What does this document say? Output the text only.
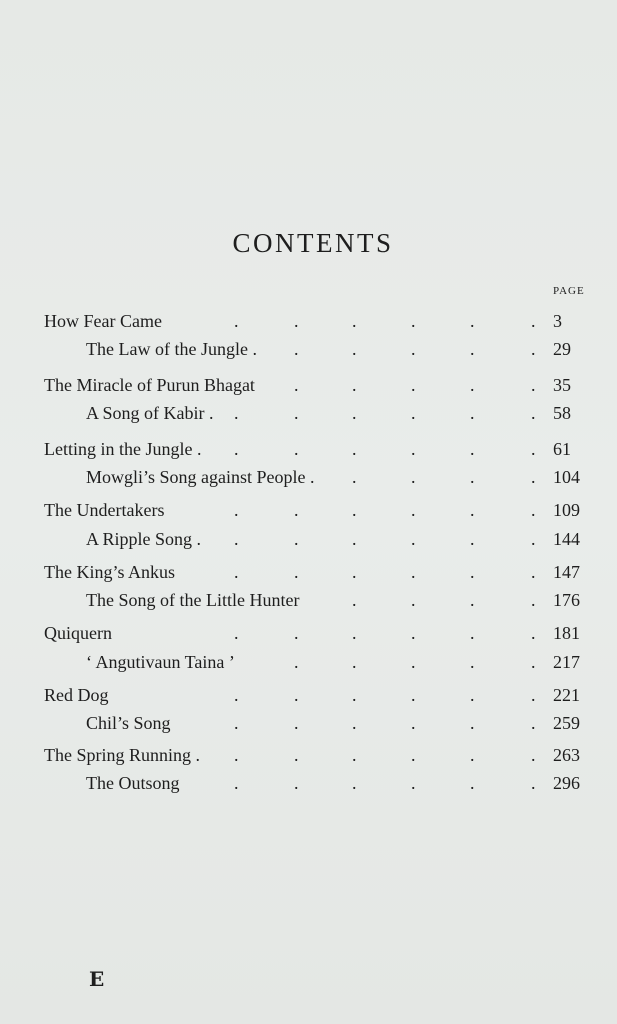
CONTENTS
PAGE
How Fear Came	.	.	.	.	.	. 3
The Law of the Jungle . .	.	.	.	. 29
The Miracle of Purun Bhagat .	.	.	.	. 35
A Song of Kabir . .	.	.	.	.	. 58
Letting in the Jungle . .	.	.	.	.	. 61
Mowgli’s Song against People . .	.	.	. 104
The Undertakers	.	.	.	.	.	. 109
A Ripple Song . .	.	.	.	.	. 144
The King’s Ankus	.	.	.	.	.	. 147
The Song of the Little Hunter	.	.	.	. 176
Quiquern	.	.	.	.	.	. 181
‘ Angutivaun Taina ’	.	.	.	.	. 217
Red Dog	.	.	.	.	.	. 221
Chil’s Song	.	.	.	.	.	. 259
The Spring Running . .	.	.	.	.	. 263
The Outsong	.	.	.	.	.	. 296
E
